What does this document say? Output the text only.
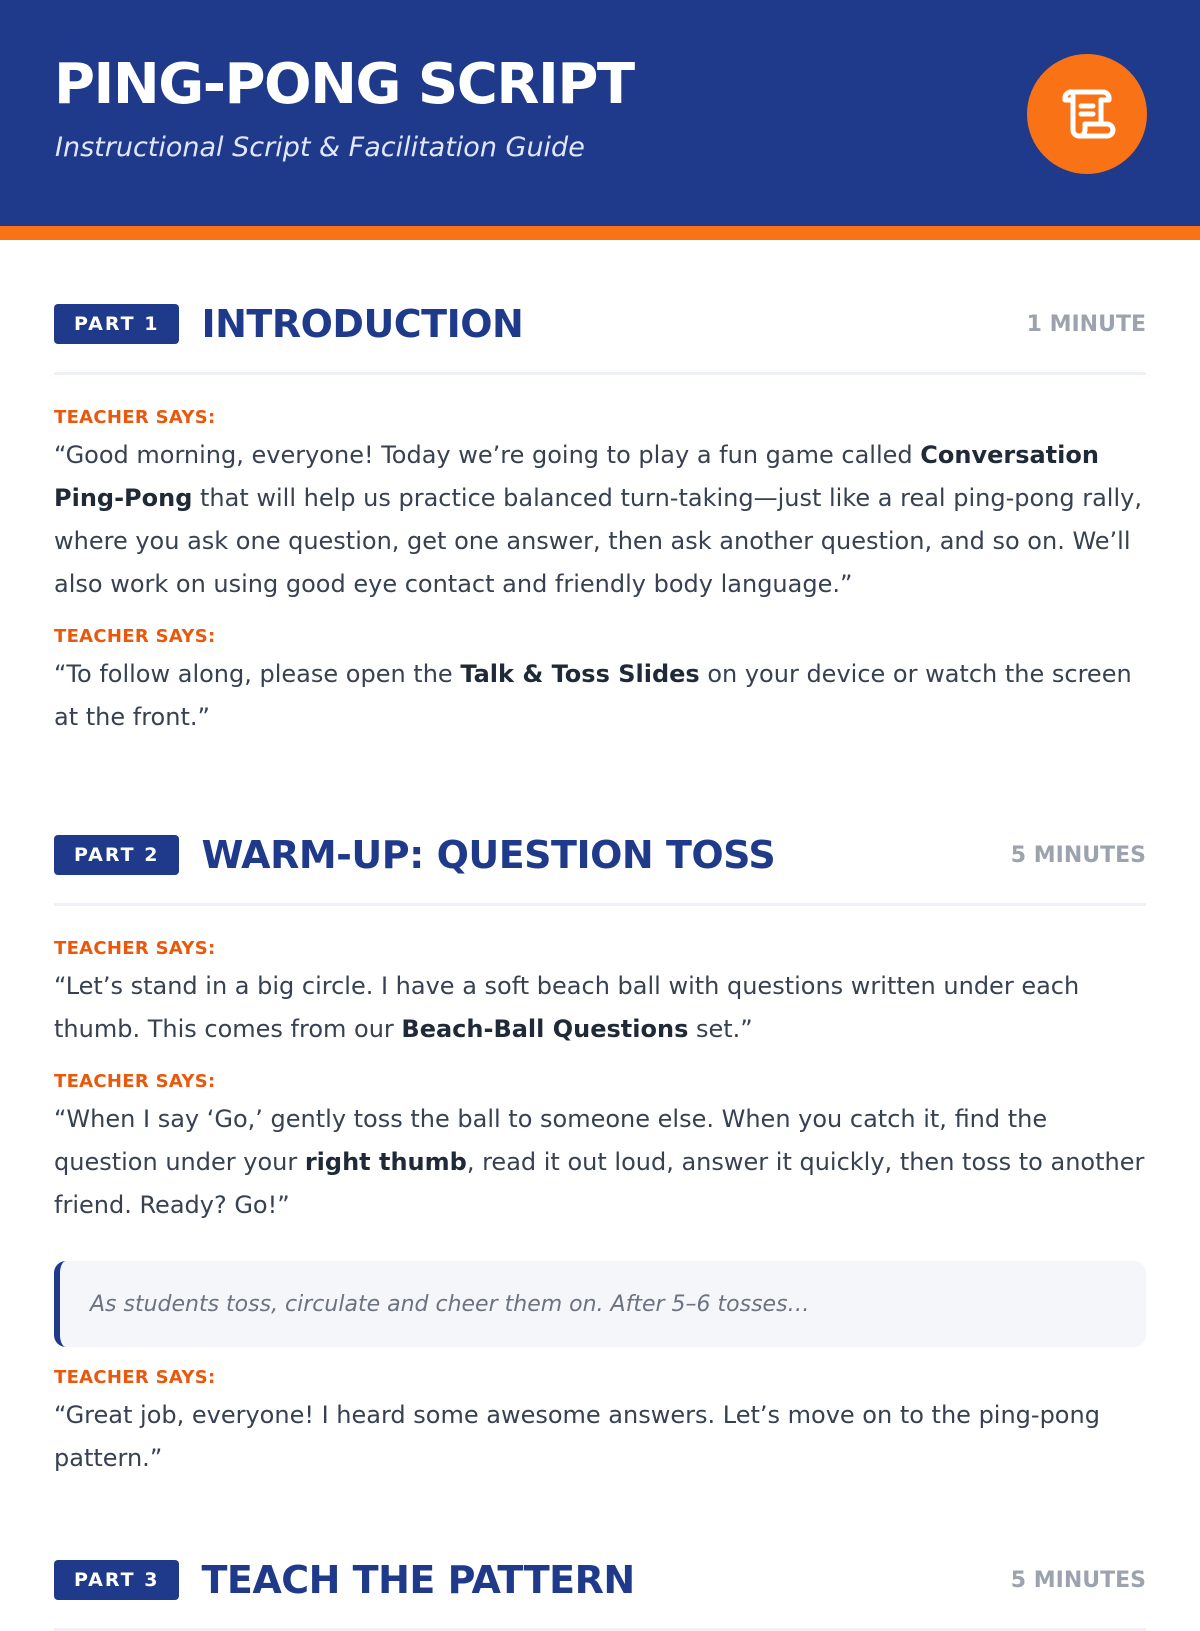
PING-PONG SCRIPT
Instructional Script & Facilitation Guide
PART 1	INTRODUCTION	1 MINUTE
TEACHER SAYS:

“Good morning, everyone! Today we’re going to play a fun game called Conversation Ping-Pong that will help us practice balanced turn-taking—just like a real ping-pong rally, where you ask one question, get one answer, then ask another question, and so on. We’ll also work on using good eye contact and friendly body language.”

TEACHER SAYS:

“To follow along, please open the Talk & Toss Slides on your device or watch the screen at the front.”

PART 2	WARM-UP: QUESTION TOSS	5 MINUTES
TEACHER SAYS:

“Let’s stand in a big circle. I have a soft beach ball with questions written under each thumb. This comes from our Beach-Ball Questions set.”

TEACHER SAYS:

“When I say ‘Go,’ gently toss the ball to someone else. When you catch it, find the question under your right thumb, read it out loud, answer it quickly, then toss to another friend. Ready? Go!”

As students toss, circulate and cheer them on. After 5–6 tosses…
TEACHER SAYS:

“Great job, everyone! I heard some awesome answers. Let’s move on to the ping-pong pattern.”

PART 3	TEACH THE PATTERN	5 MINUTES
